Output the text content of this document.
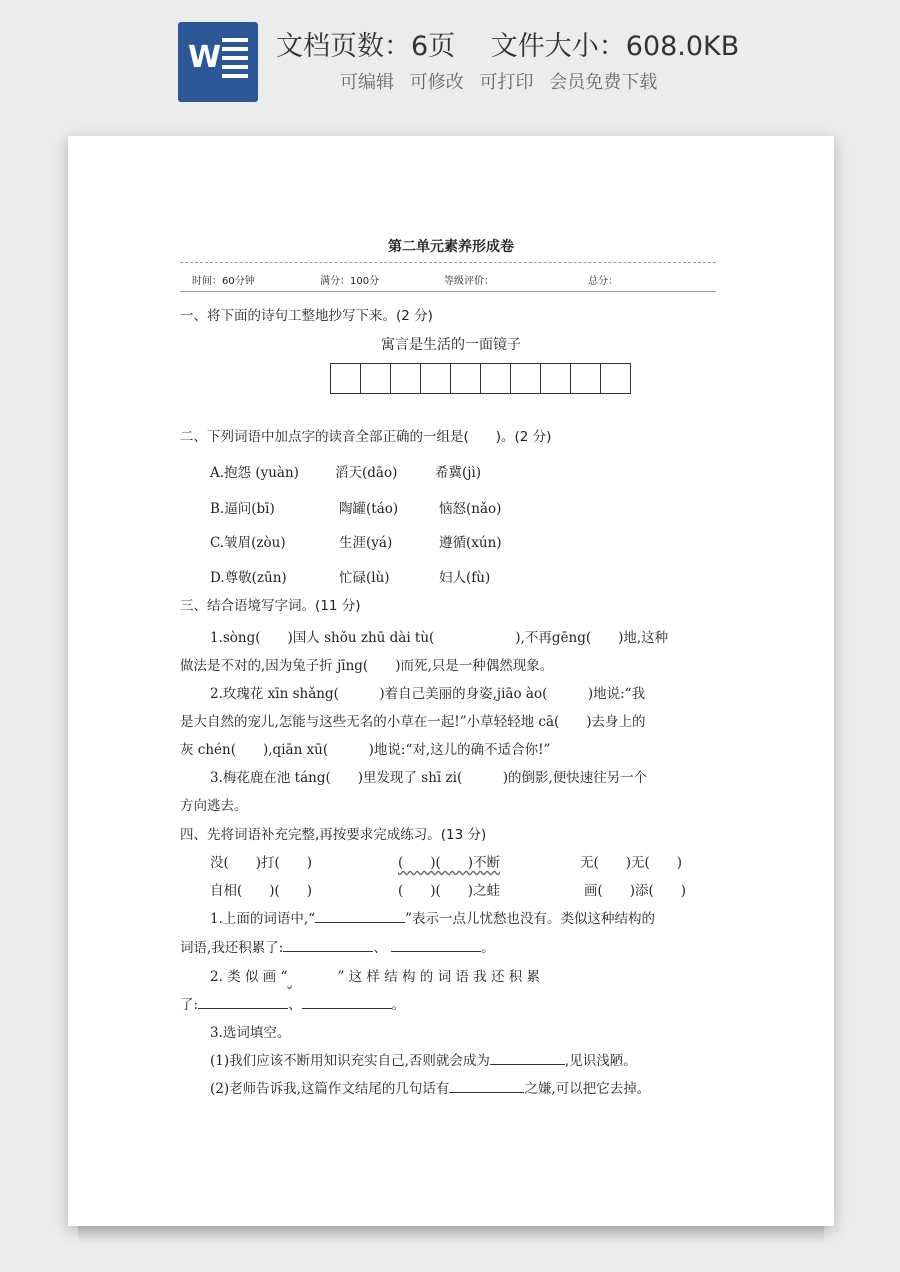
W 文档页数：6页　 文件大小：608.0KB
可编辑 可修改 可打印 会员免费下载
第二单元素养形成卷
时间：60分钟	满分：100分	等级评价：	总分：
一、将下面的诗句工整地抄写下来。(2 分)
寓言是生活的一面镜子
二、下列词语中加点字的读音全部正确的一组是(　　)。(2 分)
A.抱怨 (yuàn)	滔天(dāo)	希冀(jì)
B.逼问(bī)	陶罐(táo)	恼怒(nǎo)
C.皱眉(zòu)	生涯(yá)	遵循(xún)
D.尊敬(zūn)	忙碌(lù)	妇人(fù)
三、结合语境写字词。(11 分)
1.sòng(　　)国人 shǒu zhū dài tù(　　　　　　),不再gēng(　　)地,这种
做法是不对的,因为兔子折 jīng(　　)而死,只是一种偶然现象。
2.玫瑰花 xīn shǎng(　　　)着自己美丽的身姿,jiāo ào(　　　)地说:“我
是大自然的宠儿,怎能与这些无名的小草在一起!”小草轻轻地 cā(　　)去身上的
灰 chén(　　),qiān xū(　　　)地说:“对,这儿的确不适合你!”
3.梅花鹿在池 táng(　　)里发现了 shī zi(　　　)的倒影,便快速往另一个
方向逃去。
四、先将词语补充完整,再按要求完成练习。(13 分)
没(　　)打(　　)	(　　)(　　)不断	无(　　)无(　　)
自相(　　)(　　)	(　　)(　　)之蛙	画(　　)添(　　)
1.上面的词语中,“	”表示一点儿忧愁也没有。类似这种结构的
词语,我还积累了:	、	。
2. 类 似 画 “	” 这 样 结 构 的 词 语 我 还 积 累
了:	、	。
3.选词填空。
(1)我们应该不断用知识充实自己,否则就会成为	,见识浅陋。
(2)老师告诉我,这篇作文结尾的几句话有	之嫌,可以把它去掉。
